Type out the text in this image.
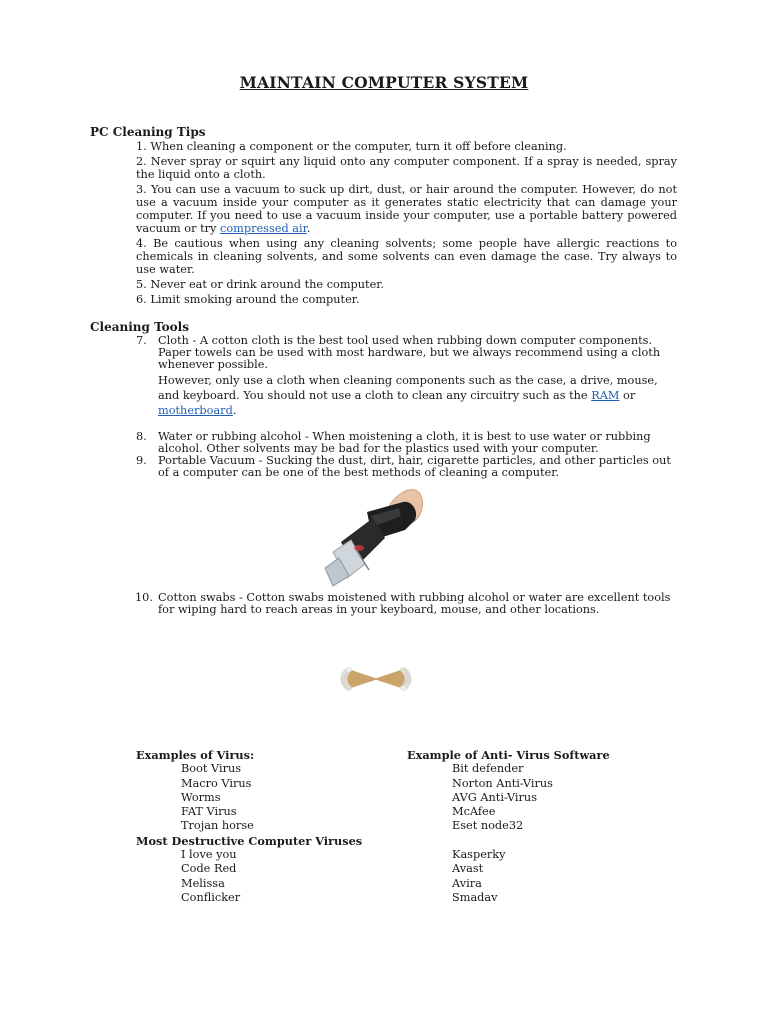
MAINTAIN COMPUTER SYSTEM
PC Cleaning Tips
1. When cleaning a component or the computer, turn it off before cleaning.
2. Never spray or squirt any liquid onto any computer component. If a spray is needed, spray the liquid onto a cloth.
3. You can use a vacuum to suck up dirt, dust, or hair around the computer. However, do not use a vacuum inside your computer as it generates static electricity that can damage your computer. If you need to use a vacuum inside your computer, use a portable battery powered vacuum or try compressed air.
4. Be cautious when using any cleaning solvents; some people have allergic reactions to chemicals in cleaning solvents, and some solvents can even damage the case. Try always to use water.
5. Never eat or drink around the computer.
6. Limit smoking around the computer.
Cleaning Tools
7. Cloth - A cotton cloth is the best tool used when rubbing down computer components. Paper towels can be used with most hardware, but we always recommend using a cloth whenever possible.
However, only use a cloth when cleaning components such as the case, a drive, mouse, and keyboard. You should not use a cloth to clean any circuitry such as the RAM or motherboard.
8. Water or rubbing alcohol - When moistening a cloth, it is best to use water or rubbing alcohol. Other solvents may be bad for the plastics used with your computer.
9. Portable Vacuum - Sucking the dust, dirt, hair, cigarette particles, and other particles out of a computer can be one of the best methods of cleaning a computer.
10. Cotton swabs - Cotton swabs moistened with rubbing alcohol or water are excellent tools for wiping hard to reach areas in your keyboard, mouse, and other locations.
Examples of Virus:
Boot Virus
Macro Virus
Worms
FAT Virus
Trojan horse
Most Destructive Computer Viruses
I love you
Code Red
Melissa
Conflicker
Example of Anti- Virus Software
Bit defender
Norton Anti-Virus
AVG Anti-Virus
McAfee
Eset node32
Kasperky
Avast
Avira
Smadav
